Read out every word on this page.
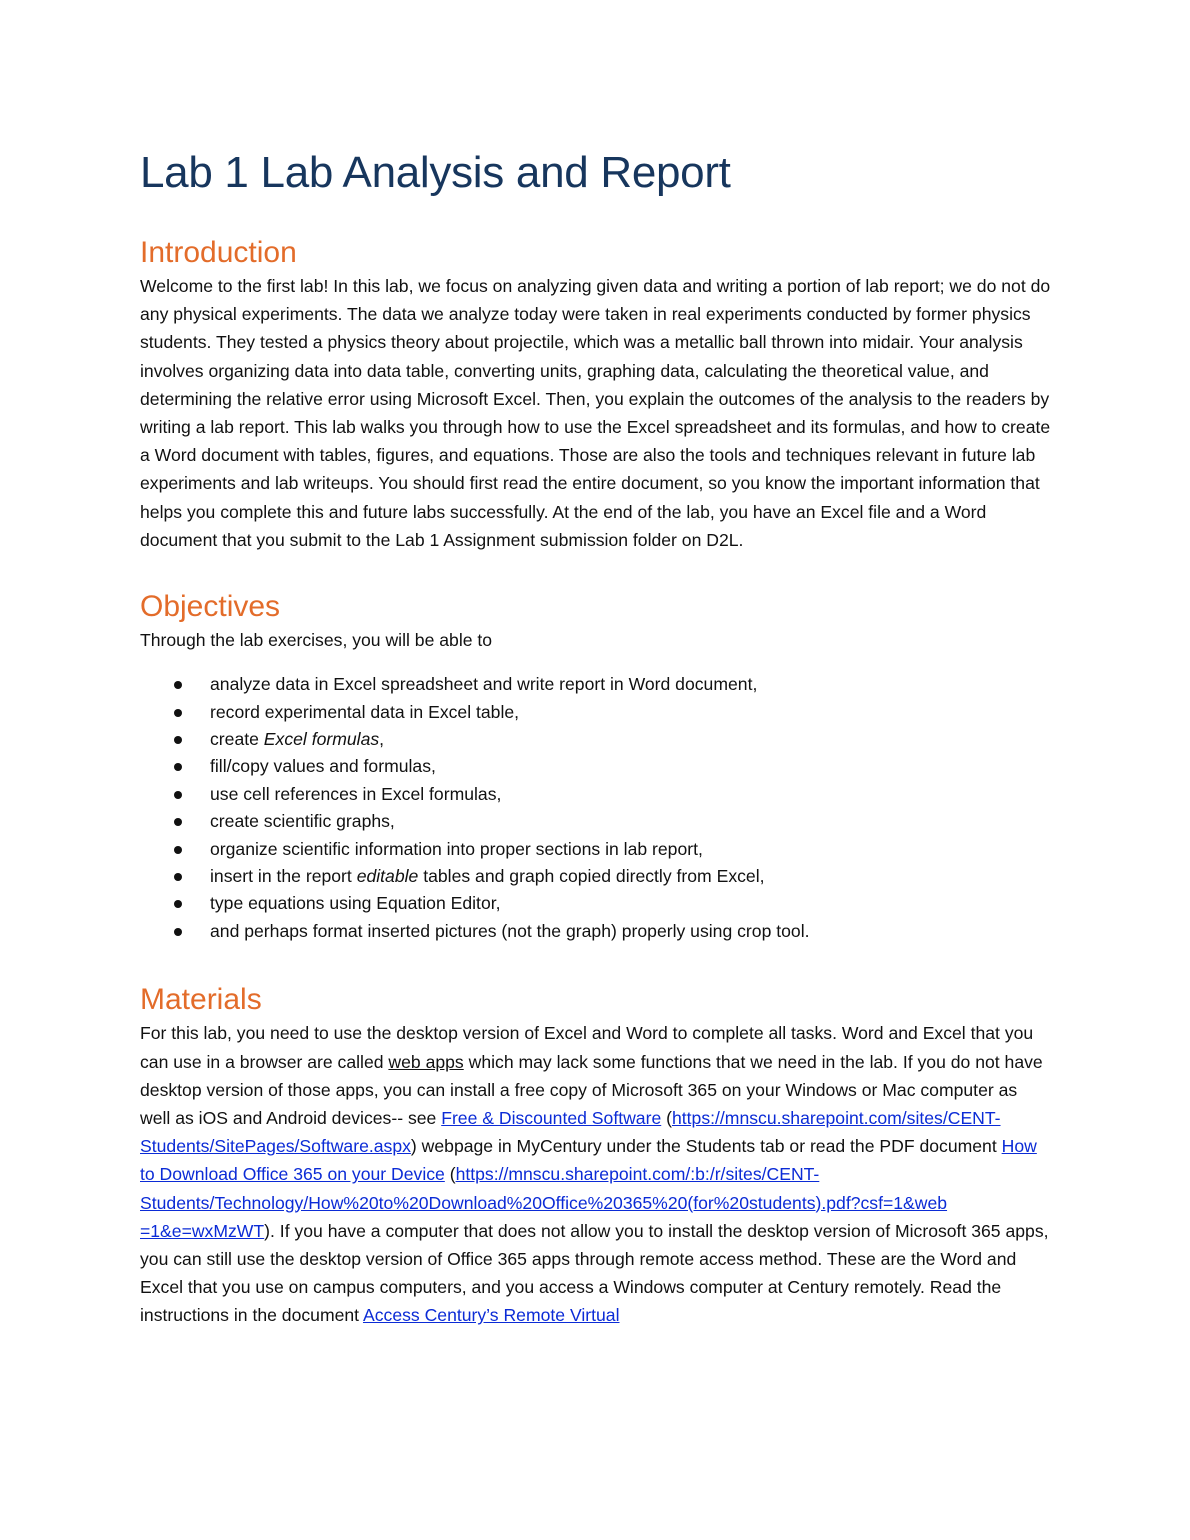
Lab 1 Lab Analysis and Report
Introduction

Welcome to the first lab! In this lab, we focus on analyzing given data and writing a portion of lab report; we do not do any physical experiments. The data we analyze today were taken in real experiments conducted by former physics students. They tested a physics theory about projectile, which was a metallic ball thrown into midair. Your analysis involves organizing data into data table, converting units, graphing data, calculating the theoretical value, and determining the relative error using Microsoft Excel. Then, you explain the outcomes of the analysis to the readers by writing a lab report. This lab walks you through how to use the Excel spreadsheet and its formulas, and how to create a Word document with tables, figures, and equations. Those are also the tools and techniques relevant in future lab experiments and lab writeups. You should first read the entire document, so you know the important information that helps you complete this and future labs successfully. At the end of the lab, you have an Excel file and a Word document that you submit to the Lab 1 Assignment submission folder on D2L.

Objectives

Through the lab exercises, you will be able to

analyze data in Excel spreadsheet and write report in Word document,
record experimental data in Excel table,
create Excel formulas,
fill/copy values and formulas,
use cell references in Excel formulas,
create scientific graphs,
organize scientific information into proper sections in lab report,
insert in the report editable tables and graph copied directly from Excel,
type equations using Equation Editor,
and perhaps format inserted pictures (not the graph) properly using crop tool.
Materials

For this lab, you need to use the desktop version of Excel and Word to complete all tasks. Word and Excel that you can use in a browser are called web apps which may lack some functions that we need in the lab. If you do not have desktop version of those apps, you can install a free copy of Microsoft 365 on your Windows or Mac computer as well as iOS and Android devices-- see Free & Discounted Software (https://mnscu.sharepoint.com/sites/CENT-Students/SitePages/Software.aspx) webpage in MyCentury under the Students tab or read the PDF document How to Download Office 365 on your Device (https://mnscu.sharepoint.com/:b:/r/sites/CENT-
Students/Technology/How%20to%20Download%20Office%20365%20(for%20students).pdf?csf=1&web
=1&e=wxMzWT). If you have a computer that does not allow you to install the desktop version of Microsoft 365 apps, you can still use the desktop version of Office 365 apps through remote access method. These are the Word and Excel that you use on campus computers, and you access a Windows computer at Century remotely. Read the instructions in the document Access Century’s Remote Virtual
